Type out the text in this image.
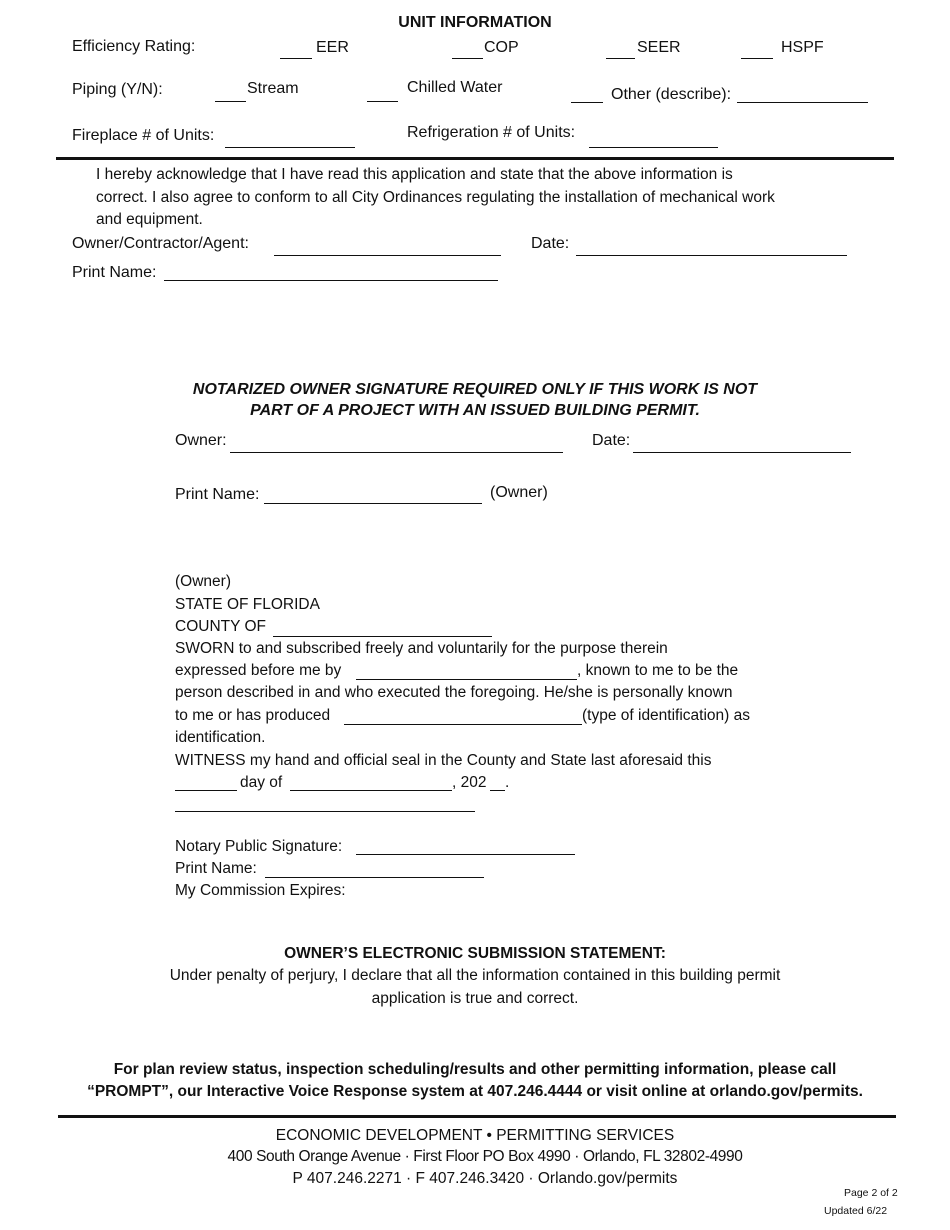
UNIT INFORMATION
Efficiency Rating:	EER	COP	SEER	HSPF
Piping (Y/N):	Stream	Chilled Water	Other (describe):
Fireplace # of Units:	Refrigeration # of Units:
I hereby acknowledge that I have read this application and state that the above information is
correct. I also agree to conform to all City Ordinances regulating the installation of mechanical work
and equipment.
Owner/Contractor/Agent:	Date:
Print Name:
NOTARIZED OWNER SIGNATURE REQUIRED ONLY IF THIS WORK IS NOT
PART OF A PROJECT WITH AN ISSUED BUILDING PERMIT.
Owner:	Date:
Print Name:	(Owner)
(Owner)
STATE OF FLORIDA
COUNTY OF
SWORN to and subscribed freely and voluntarily for the purpose therein
expressed before me by	, known to me to be the
person described in and who executed the foregoing. He/she is personally known
to me or has produced	(type of identification) as
identification.
WITNESS my hand and official seal in the County and State last aforesaid this
day of	, 202 .
Notary Public Signature:
Print Name:
My Commission Expires:
OWNER’S ELECTRONIC SUBMISSION STATEMENT:
Under penalty of perjury, I declare that all the information contained in this building permit
application is true and correct.
For plan review status, inspection scheduling/results and other permitting information, please call
“PROMPT”, our Interactive Voice Response system at 407.246.4444 or visit online at orlando.gov/permits.
ECONOMIC DEVELOPMENT • PERMITTING SERVICES
400 South Orange Avenue · First Floor PO Box 4990 · Orlando, FL 32802-4990
P 407.246.2271 · F 407.246.3420 · Orlando.gov/permits
Page 2 of 2
Updated 6/22
